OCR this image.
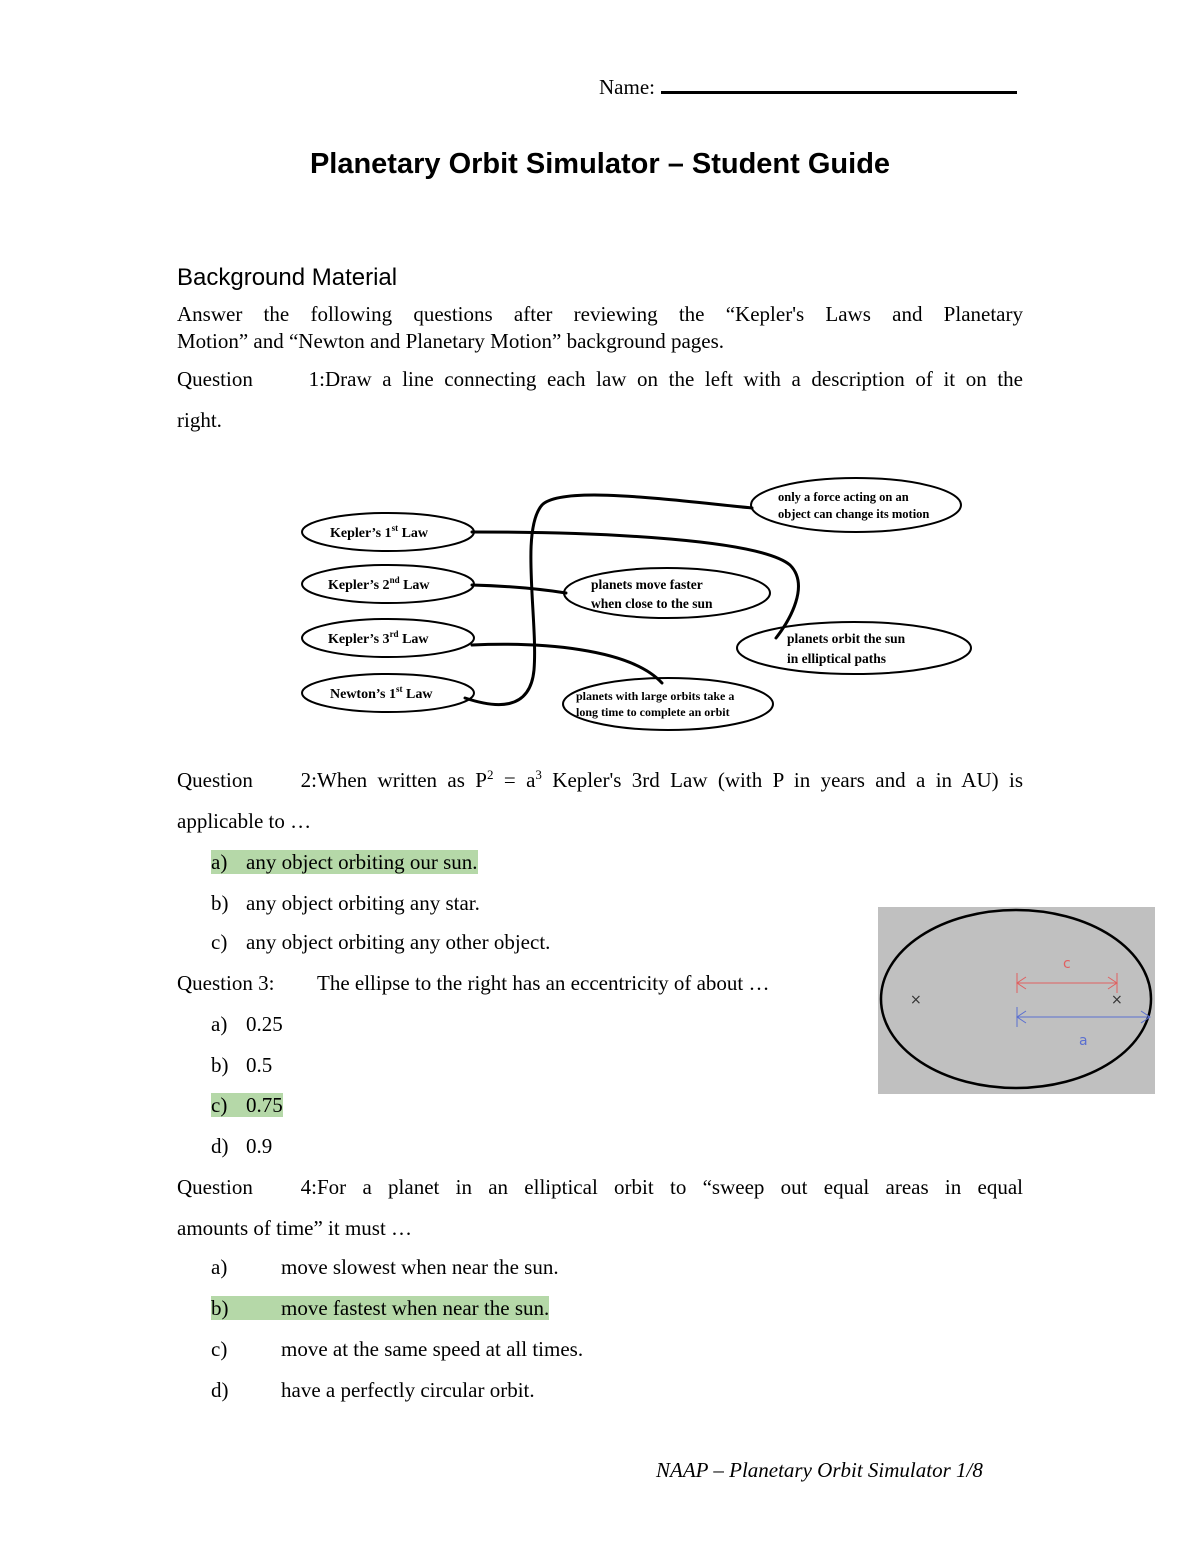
Name:
Planetary Orbit Simulator – Student Guide
Background Material
Answer the following questions after reviewing the “Kepler's Laws and Planetary
Motion” and “Newton and Planetary Motion” background pages.
Question 1:Draw a line connecting each law on the left with a description of it on the
right.
Kepler’s 1st Law
Kepler’s 2nd Law
Kepler’s 3rd Law
Newton’s 1st Law
only a force acting on an
object can change its motion
planets move faster
when close to the sun
planets orbit the sun
in elliptical paths
planets with large orbits take a
long time to complete an orbit
Question 2:When written as $P^2 = a^3$ Kepler's 3rd Law (with P in years and a in AU) is
applicable to …
a) any object orbiting our sun.
b) any object orbiting any star.
c) any object orbiting any other object.
Question 3: The ellipse to the right has an eccentricity of about …
a) 0.25
b) 0.5
c) 0.75
d) 0.9
×	×
c
a
Question 4:For a planet in an elliptical orbit to “sweep out equal areas in equal
amounts of time” it must …
a)	move slowest when near the sun.
b)	move fastest when near the sun.
c)	move at the same speed at all times.
d)	have a perfectly circular orbit.
NAAP – Planetary Orbit Simulator 1/8
